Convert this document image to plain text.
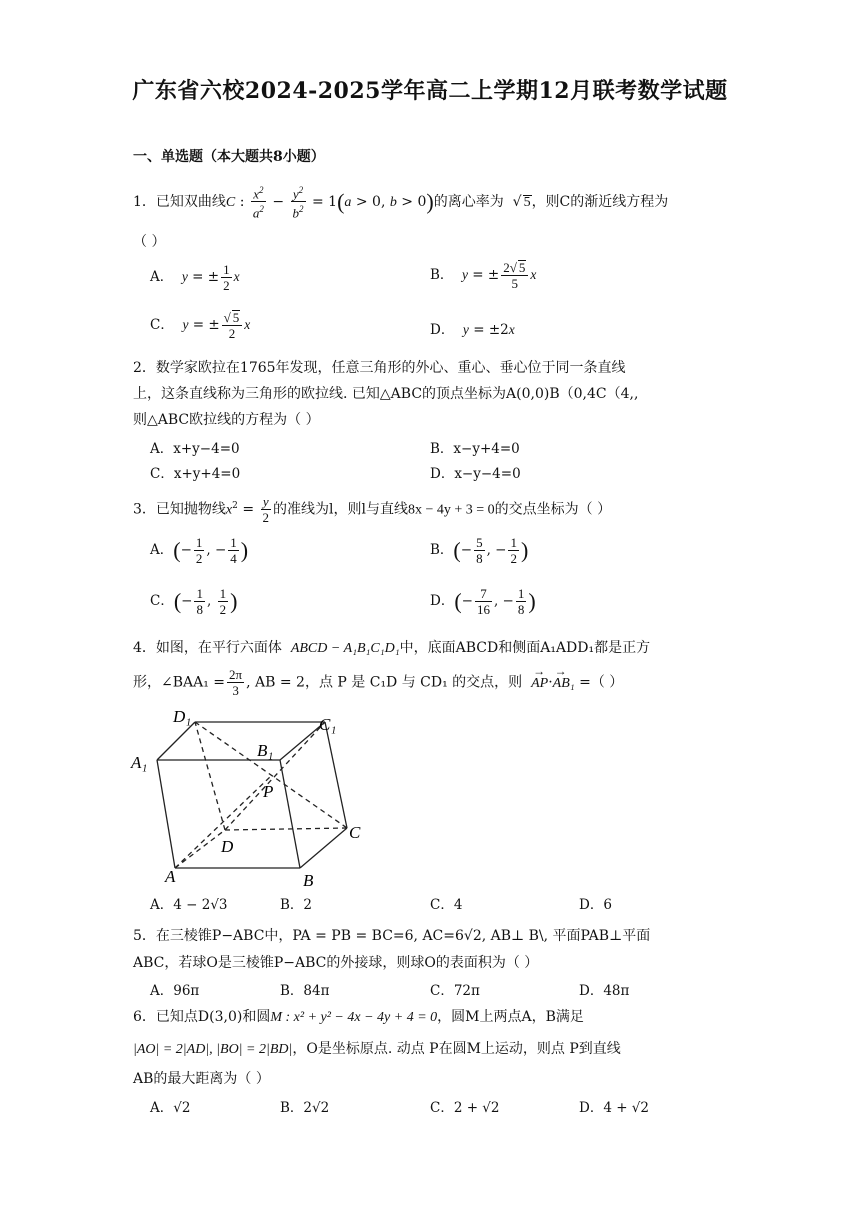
广东省六校2024-2025学年高二上学期12月联考数学试题
一、单选题（本大题共8小题）
1．已知双曲线C : $\frac{x^2}{a^2} - \frac{y^2}{b^2} = 1(a > 0$, b > 0)的离心率为  √ 5，则C的渐近线方程为
（ ）
A． y = ± $\frac{1}{2}$ x	B． y = ± $\frac{2√ 5}{5}$ x
C． y = ± $\frac{√ 5}{2}$ x	D． y = ±2x
2．数学家欧拉在1765年发现，任意三角形的外心、重心、垂心位于同一条直线
上，这条直线称为三角形的欧拉线. 已知△ABC的顶点坐标为A(0,0)B（0,4C（4,,
则△ABC欧拉线的方程为（ ）
A．x+y−4=0	B．x−y+4=0
C．x+y+4=0	D．x−y−4=0
3．已知抛物线$x^2 = \frac{y}{2}$ 的准线为l，则l与直线8x − 4y + 3 = 0的交点坐标为（ ）
A．(− $\frac{1}{2}$ , − $\frac{1}{4}$ )	B．(− $\frac{5}{8}$ , − $\frac{1}{2}$ )
C．(− $\frac{1}{8}$ , $\frac{1}{2}$ )	D．(− $\frac{7}{16}$ , − $\frac{1}{8}$ )
4．如图，在平行六面体 ABCD − A₁B₁C₁D₁中，底面ABCD和侧面A₁ADD₁都是正方
形，∠BAA₁ = $\frac{2\pi}{3}$ , AB = 2，点 P 是 C₁D 与 CD₁ 的交点，则  → AP·→ AB₁ =（ ）
D₁	C₁
B₁
A₁
P
C
D
A	B
A．4 − 2√3	B．2	C．4	D．6
5．在三棱锥P−ABC中，PA = PB = BC=6, AC=6√2, AB⊥ B\, 平面PAB⊥平面
ABC，若球O是三棱锥P−ABC的外接球，则球O的表面积为（ ）
A．96π	B．84π	C．72π	D．48π
6．已知点D(3,0)和圆M : x² + y² − 4x − 4y + 4 = 0，圆M上两点A，B满足
|AO| = 2|AD|, |BO| = 2|BD|，O是坐标原点. 动点 P在圆M上运动，则点 P到直线
AB的最大距离为（ ）
A．√2	B．2√2	C．2 + √2	D．4 + √2
